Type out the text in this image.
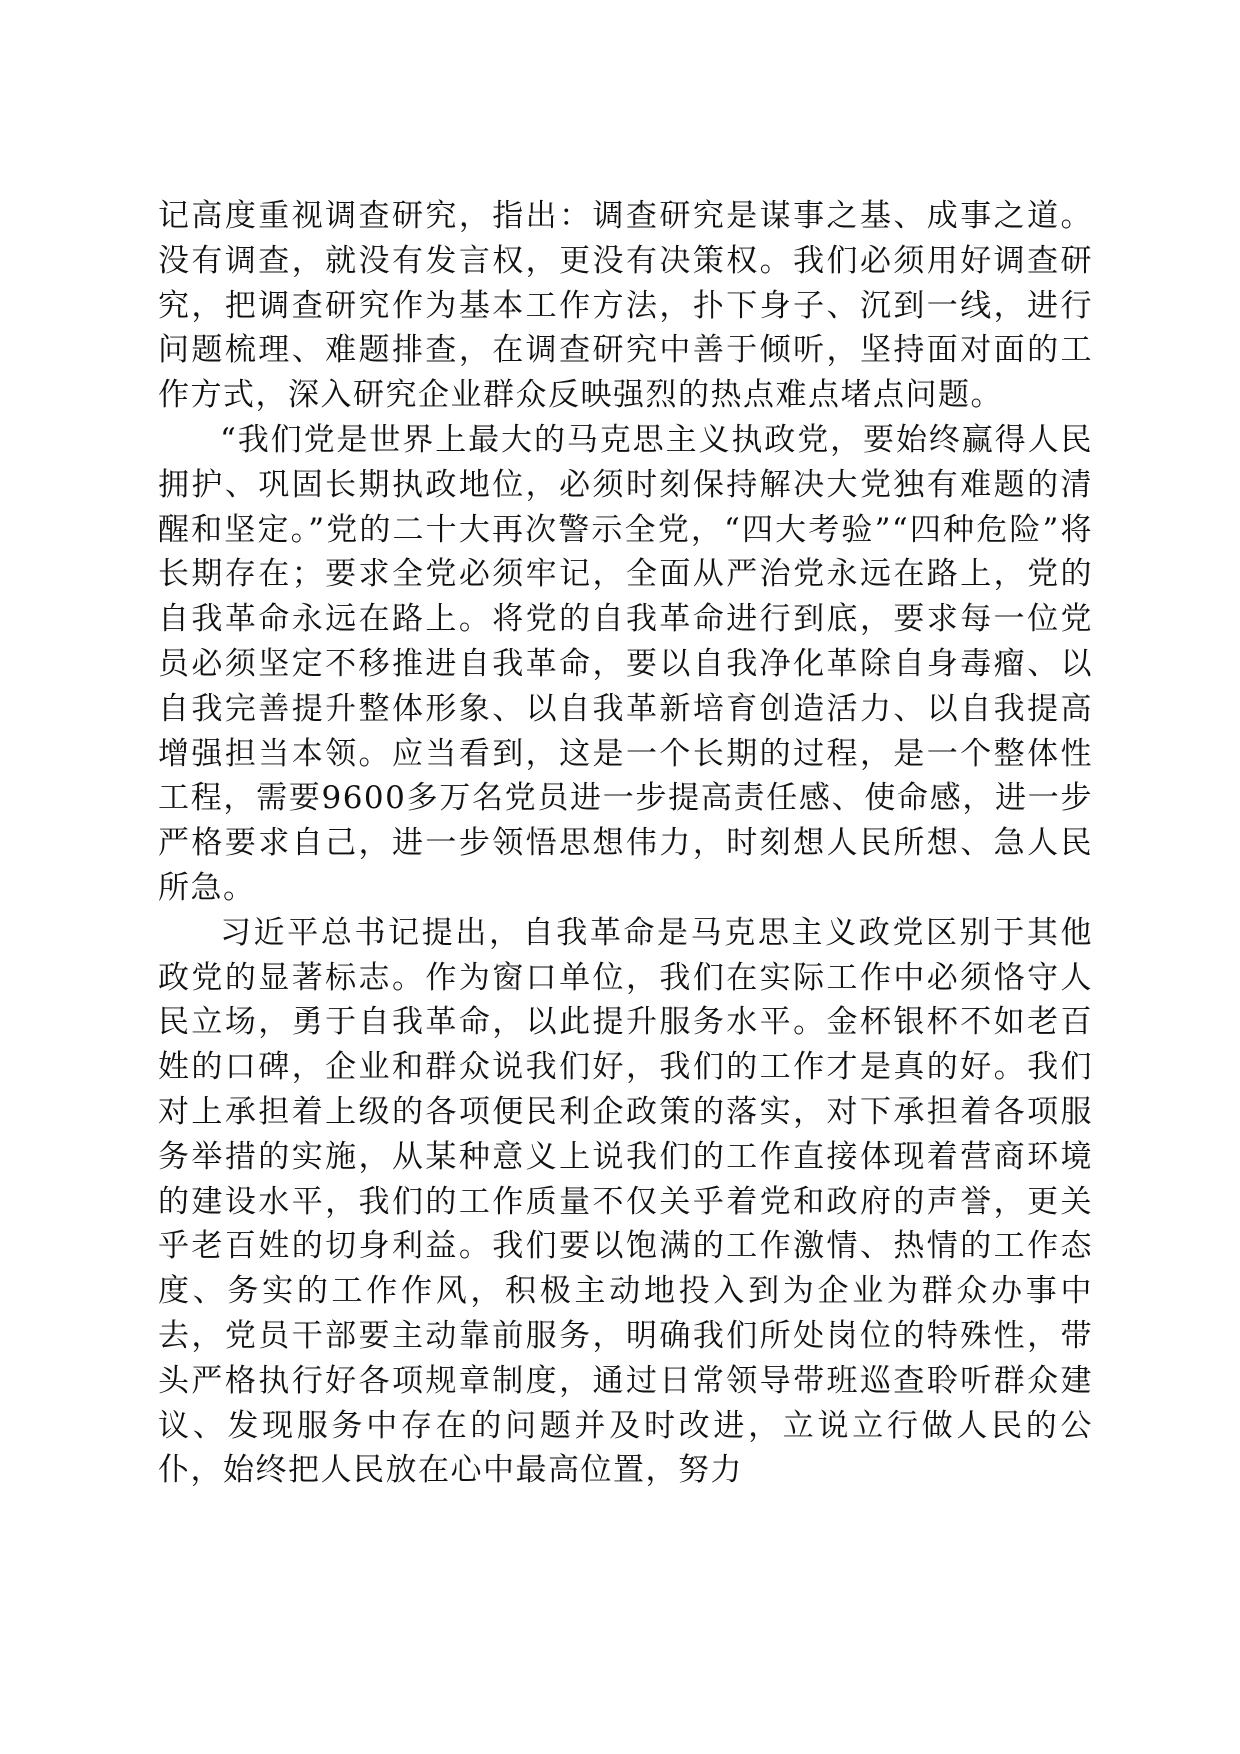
记高度重视调查研究，指出：调查研究是谋事之基、成事之道。没有调查，就没有发言权，更没有决策权。我们必须用好调查研究，把调查研究作为基本工作方法，扑下身子、沉到一线，进行问题梳理、难题排查，在调查研究中善于倾听，坚持面对面的工作方式，深入研究企业群众反映强烈的热点难点堵点问题。

“我们党是世界上最大的马克思主义执政党，要始终赢得人民拥护、巩固长期执政地位，必须时刻保持解决大党独有难题的清醒和坚定。”党的二十大再次警示全党，“四大考验”“四种危险”将长期存在；要求全党必须牢记，全面从严治党永远在路上，党的自我革命永远在路上。将党的自我革命进行到底，要求每一位党员必须坚定不移推进自我革命，要以自我净化革除自身毒瘤、以自我完善提升整体形象、以自我革新培育创造活力、以自我提高增强担当本领。应当看到，这是一个长期的过程，是一个整体性工程，需要9600多万名党员进一步提高责任感、使命感，进一步严格要求自己，进一步领悟思想伟力，时刻想人民所想、急人民所急。

习近平总书记提出，自我革命是马克思主义政党区别于其他政党的显著标志。作为窗口单位，我们在实际工作中必须恪守人民立场，勇于自我革命，以此提升服务水平。金杯银杯不如老百姓的口碑，企业和群众说我们好，我们的工作才是真的好。我们对上承担着上级的各项便民利企政策的落实，对下承担着各项服务举措的实施，从某种意义上说我们的工作直接体现着营商环境的建设水平，我们的工作质量不仅关乎着党和政府的声誉，更关乎老百姓的切身利益。我们要以饱满的工作激情、热情的工作态度、务实的工作作风，积极主动地投入到为企业为群众办事中去，党员干部要主动靠前服务，明确我们所处岗位的特殊性，带头严格执行好各项规章制度，通过日常领导带班巡查聆听群众建议、发现服务中存在的问题并及时改进，立说立行做人民的公仆，始终把人民放在心中最高位置，努力
